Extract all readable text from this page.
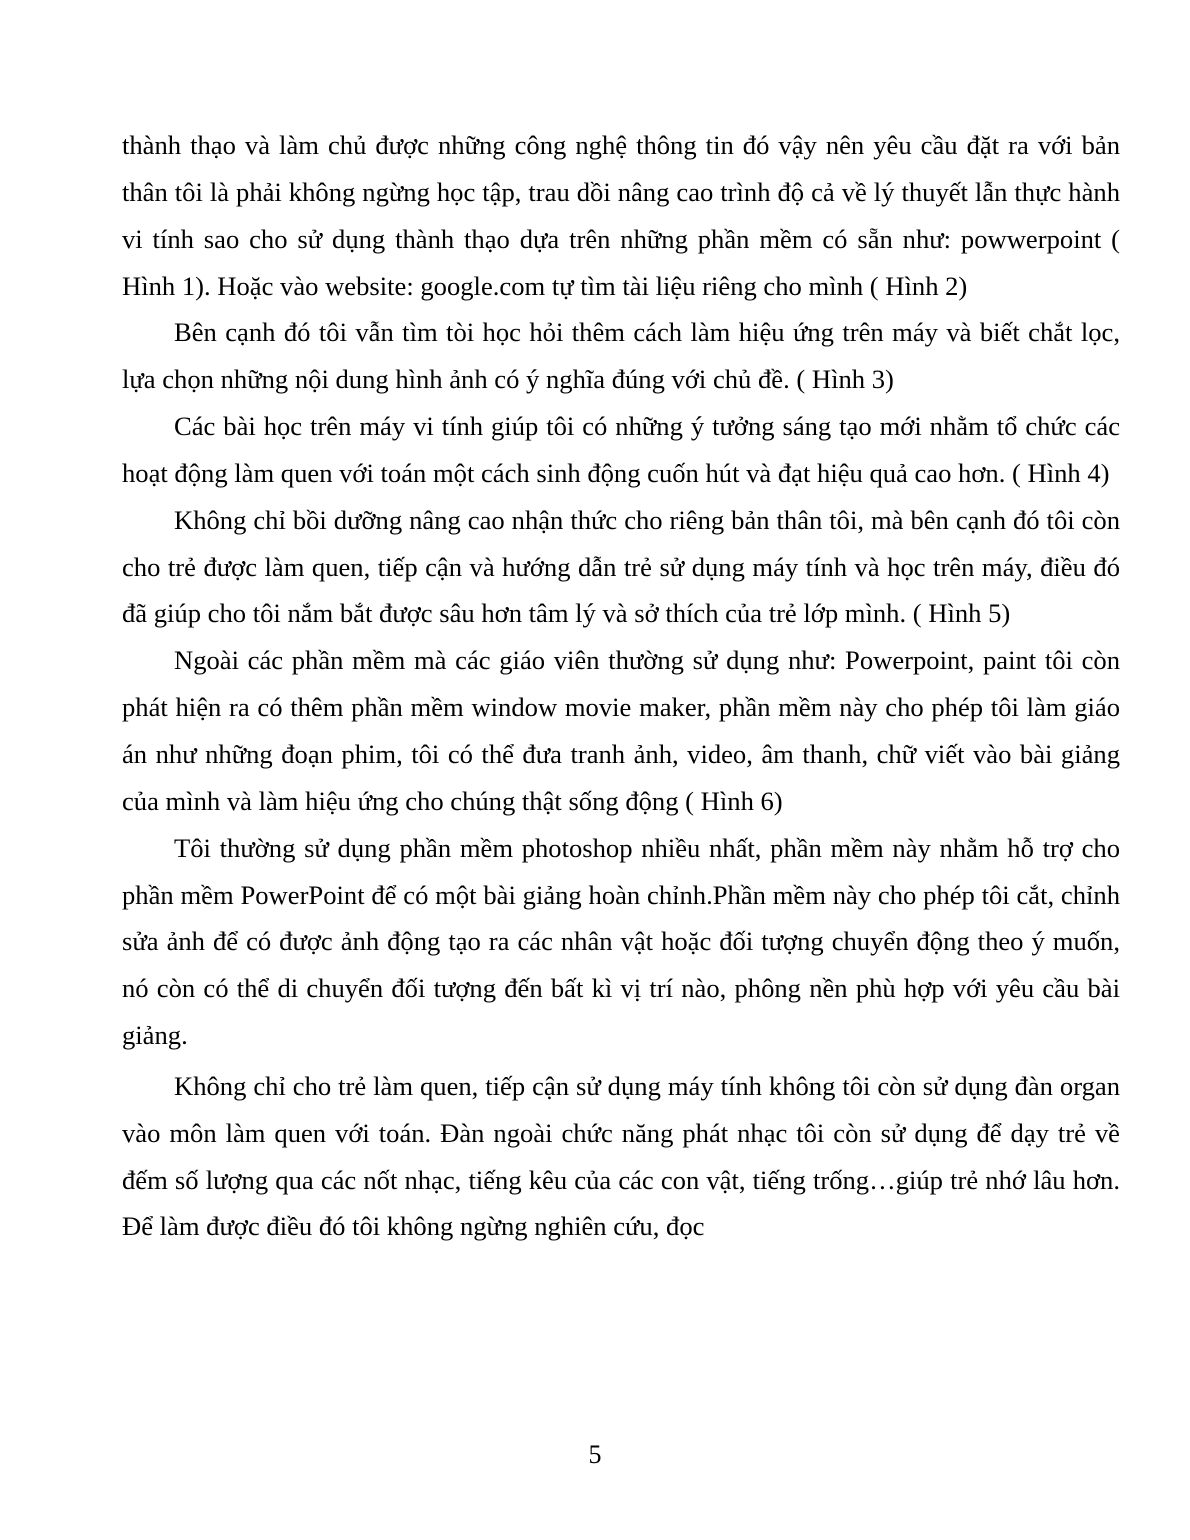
thành thạo và làm chủ được những công nghệ thông tin đó vậy nên yêu cầu đặt ra với bản thân tôi là phải không ngừng học tập, trau dồi nâng cao trình độ cả về lý thuyết lẫn thực hành vi tính sao cho sử dụng thành thạo dựa trên những phần mềm có sẵn như: powwerpoint ( Hình 1). Hoặc vào website: google.com tự tìm tài liệu riêng cho mình ( Hình 2)

Bên cạnh đó tôi vẫn tìm tòi học hỏi thêm cách làm hiệu ứng trên máy và biết chắt lọc, lựa chọn những nội dung hình ảnh có ý nghĩa đúng với chủ đề. ( Hình 3)

Các bài học trên máy vi tính giúp tôi có những ý tưởng sáng tạo mới nhằm tổ chức các hoạt động làm quen với toán một cách sinh động cuốn hút và đạt hiệu quả cao hơn. ( Hình 4)

Không chỉ bồi dưỡng nâng cao nhận thức cho riêng bản thân tôi, mà bên cạnh đó tôi còn cho trẻ được làm quen, tiếp cận và hướng dẫn trẻ sử dụng máy tính và học trên máy, điều đó đã giúp cho tôi nắm bắt được sâu hơn tâm lý và sở thích của trẻ lớp mình. ( Hình 5)

Ngoài các phần mềm mà các giáo viên thường sử dụng như: Powerpoint, paint tôi còn phát hiện ra có thêm phần mềm window movie maker, phần mềm này cho phép tôi làm giáo án như những đoạn phim, tôi có thể đưa tranh ảnh, video, âm thanh, chữ viết vào bài giảng của mình và làm hiệu ứng cho chúng thật sống động ( Hình 6)

Tôi thường sử dụng phần mềm photoshop nhiều nhất, phần mềm này nhằm hỗ trợ cho phần mềm PowerPoint để có một bài giảng hoàn chỉnh.Phần mềm này cho phép tôi cắt, chỉnh sửa ảnh để có được ảnh động tạo ra các nhân vật hoặc đối tượng chuyển động theo ý muốn, nó còn có thể di chuyển đối tượng đến bất kì vị trí nào, phông nền phù hợp với yêu cầu bài giảng.

Không chỉ cho trẻ làm quen, tiếp cận sử dụng máy tính không tôi còn sử dụng đàn organ vào môn làm quen với toán. Đàn ngoài chức năng phát nhạc tôi còn sử dụng để dạy trẻ về đếm số lượng qua các nốt nhạc, tiếng kêu của các con vật, tiếng trống…giúp trẻ nhớ lâu hơn. Để làm được điều đó tôi không ngừng nghiên cứu, đọc

5
